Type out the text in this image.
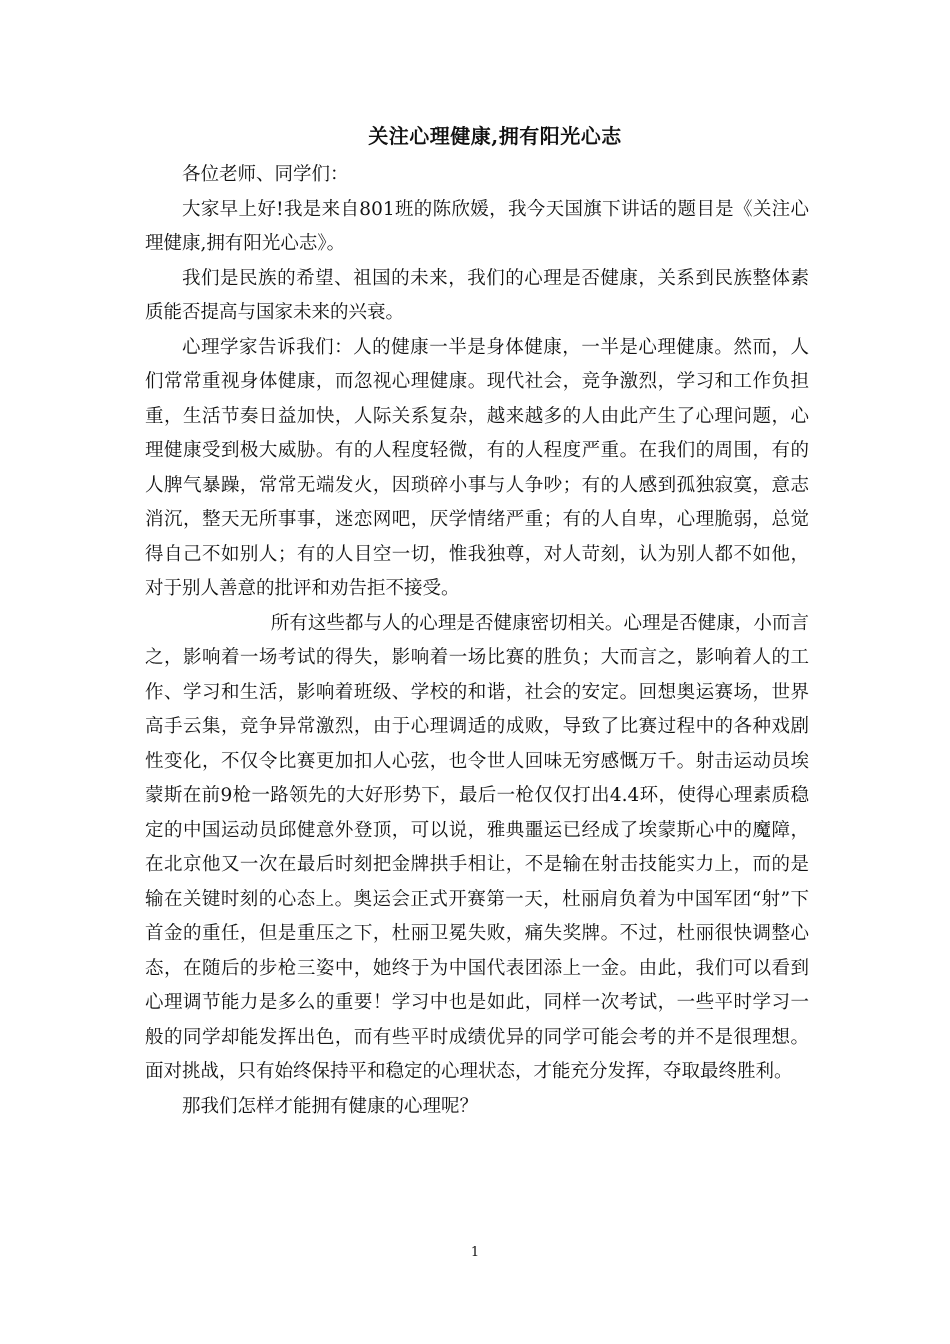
关注心理健康,拥有阳光心志

各位老师、同学们：

大家早上好!我是来自801班的陈欣媛，我今天国旗下讲话的题目是《关注心理健康,拥有阳光心志》。

我们是民族的希望、祖国的未来，我们的心理是否健康，关系到民族整体素质能否提高与国家未来的兴衰。

心理学家告诉我们：人的健康一半是身体健康，一半是心理健康。然而，人们常常重视身体健康，而忽视心理健康。现代社会，竞争激烈，学习和工作负担重，生活节奏日益加快，人际关系复杂，越来越多的人由此产生了心理问题，心理健康受到极大威胁。有的人程度轻微，有的人程度严重。在我们的周围，有的人脾气暴躁，常常无端发火，因琐碎小事与人争吵；有的人感到孤独寂寞，意志消沉，整天无所事事，迷恋网吧，厌学情绪严重；有的人自卑，心理脆弱，总觉得自己不如别人；有的人目空一切，惟我独尊，对人苛刻，认为别人都不如他，对于别人善意的批评和劝告拒不接受。

所有这些都与人的心理是否健康密切相关。心理是否健康，小而言之，影响着一场考试的得失，影响着一场比赛的胜负；大而言之，影响着人的工作、学习和生活，影响着班级、学校的和谐，社会的安定。回想奥运赛场，世界高手云集，竞争异常激烈，由于心理调适的成败，导致了比赛过程中的各种戏剧性变化，不仅令比赛更加扣人心弦，也令世人回味无穷感慨万千。射击运动员埃蒙斯在前9枪一路领先的大好形势下，最后一枪仅仅打出4.4环，使得心理素质稳定的中国运动员邱健意外登顶，可以说，雅典噩运已经成了埃蒙斯心中的魔障，在北京他又一次在最后时刻把金牌拱手相让，不是输在射击技能实力上，而的是输在关键时刻的心态上。奥运会正式开赛第一天，杜丽肩负着为中国军团“射”下首金的重任，但是重压之下，杜丽卫冕失败，痛失奖牌。不过，杜丽很快调整心态，在随后的步枪三姿中，她终于为中国代表团添上一金。由此，我们可以看到心理调节能力是多么的重要！学习中也是如此，同样一次考试，一些平时学习一般的同学却能发挥出色，而有些平时成绩优异的同学可能会考的并不是很理想。面对挑战，只有始终保持平和稳定的心理状态，才能充分发挥，夺取最终胜利。

那我们怎样才能拥有健康的心理呢？

1
